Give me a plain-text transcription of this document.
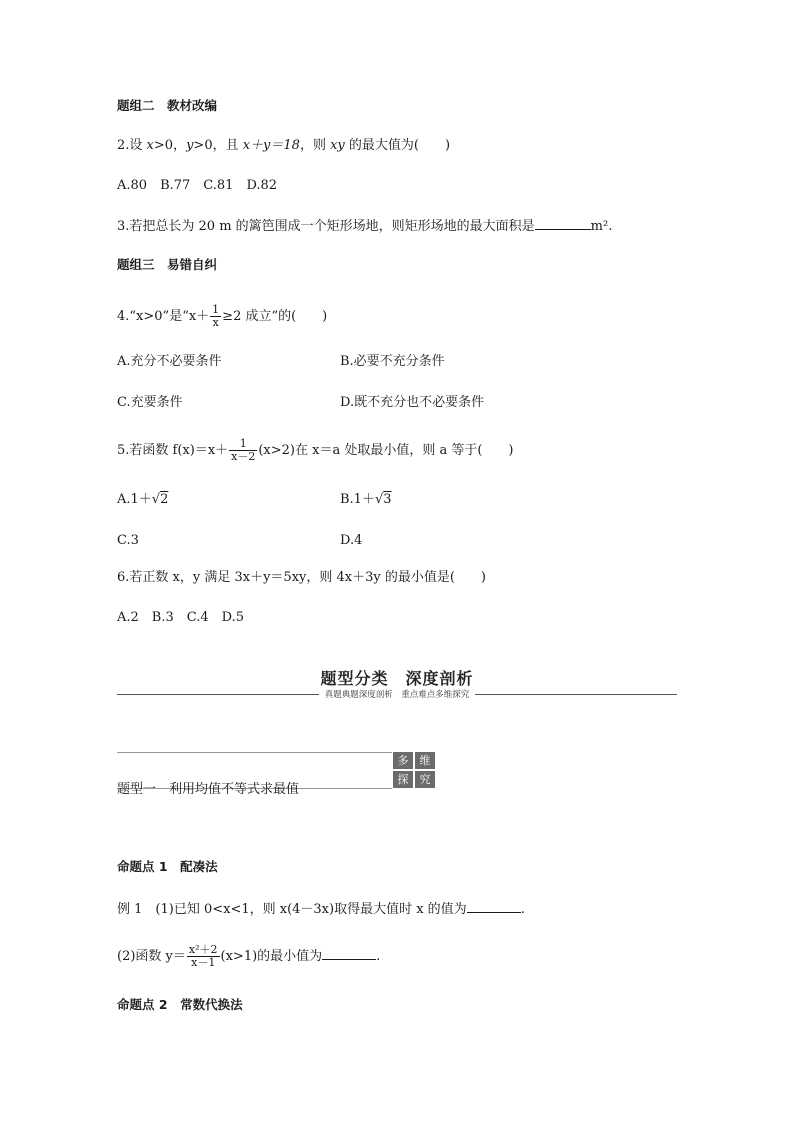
题组二　 教材改编
2.设 x>0，y>0，且 x＋y＝18，则 xy 的最大值为(　　)
A.80　B.77　C.81　D.82
3.若把总长为 20 m 的篱笆围成一个矩形场地，则矩形场地的最大面积是	m².
题组三　 易错自纠
4.“x>0”是“$x+ \frac{1}{x} \ge 2$ 成立”的(　　)
A.充分不必要条件	B.必要不充分条件
C.充要条件	D.既不充分也不必要条件
5.若函数 $f(x)=x+ \frac{1}{x-2} (x>2)$在 x＝a 处取最小值，则 a 等于(　　)
A.1＋√2	B.1＋√3
C.3	D.4
6.若正数 x，y 满足 3x＋y＝5xy，则 4x＋3y 的最小值是(　　)
A.2　B.3　C.4　D.5
题型分类　深度剖析
真题典题深度剖析　重点难点多维探究
题型一　利用均值不等式求最值
多	维
探	究
命题点 1　 配凑法
例 1　(1)已知 0<x<1，则 x(4－3x)取得最大值时 x 的值为	.
(2)函数 $y= \frac{\text{x²＋2}}{x-1} (x>1)$的最小值为	.
命题点 2　 常数代换法
